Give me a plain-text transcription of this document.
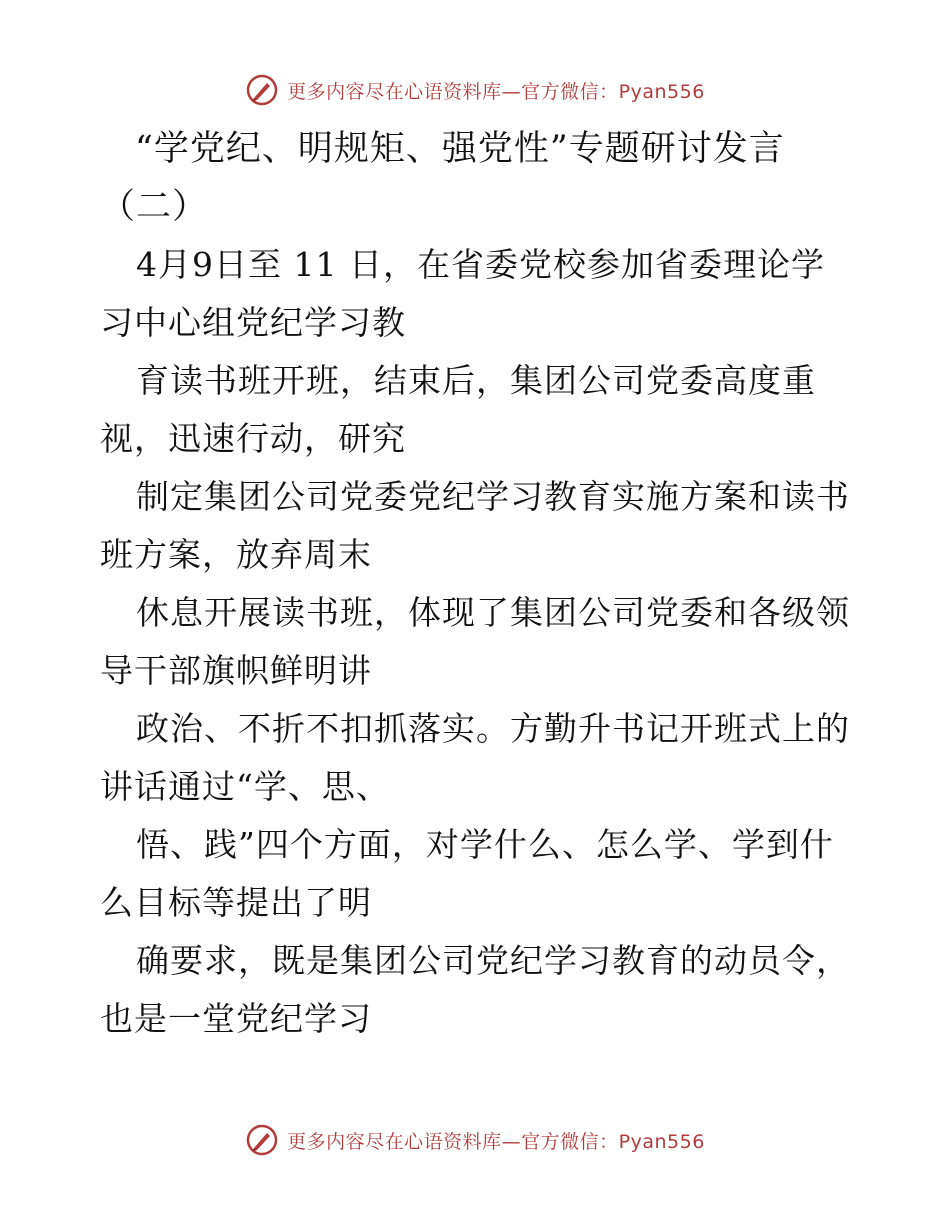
更多内容尽在心语资料库—官方微信：Pyan556

“学党纪、明规矩、强党性”专题研讨发言

（二）

4月9日至 11 日，在省委党校参加省委理论学
习中心组党纪学习教

育读书班开班，结束后，集团公司党委高度重
视，迅速行动，研究

制定集团公司党委党纪学习教育实施方案和读书
班方案，放弃周末

休息开展读书班，体现了集团公司党委和各级领
导干部旗帜鲜明讲

政治、不折不扣抓落实。方勤升书记开班式上的
讲话通过“学、思、

悟、践”四个方面，对学什么、怎么学、学到什
么目标等提出了明

确要求，既是集团公司党纪学习教育的动员令，
也是一堂党纪学习

更多内容尽在心语资料库—官方微信：Pyan556
